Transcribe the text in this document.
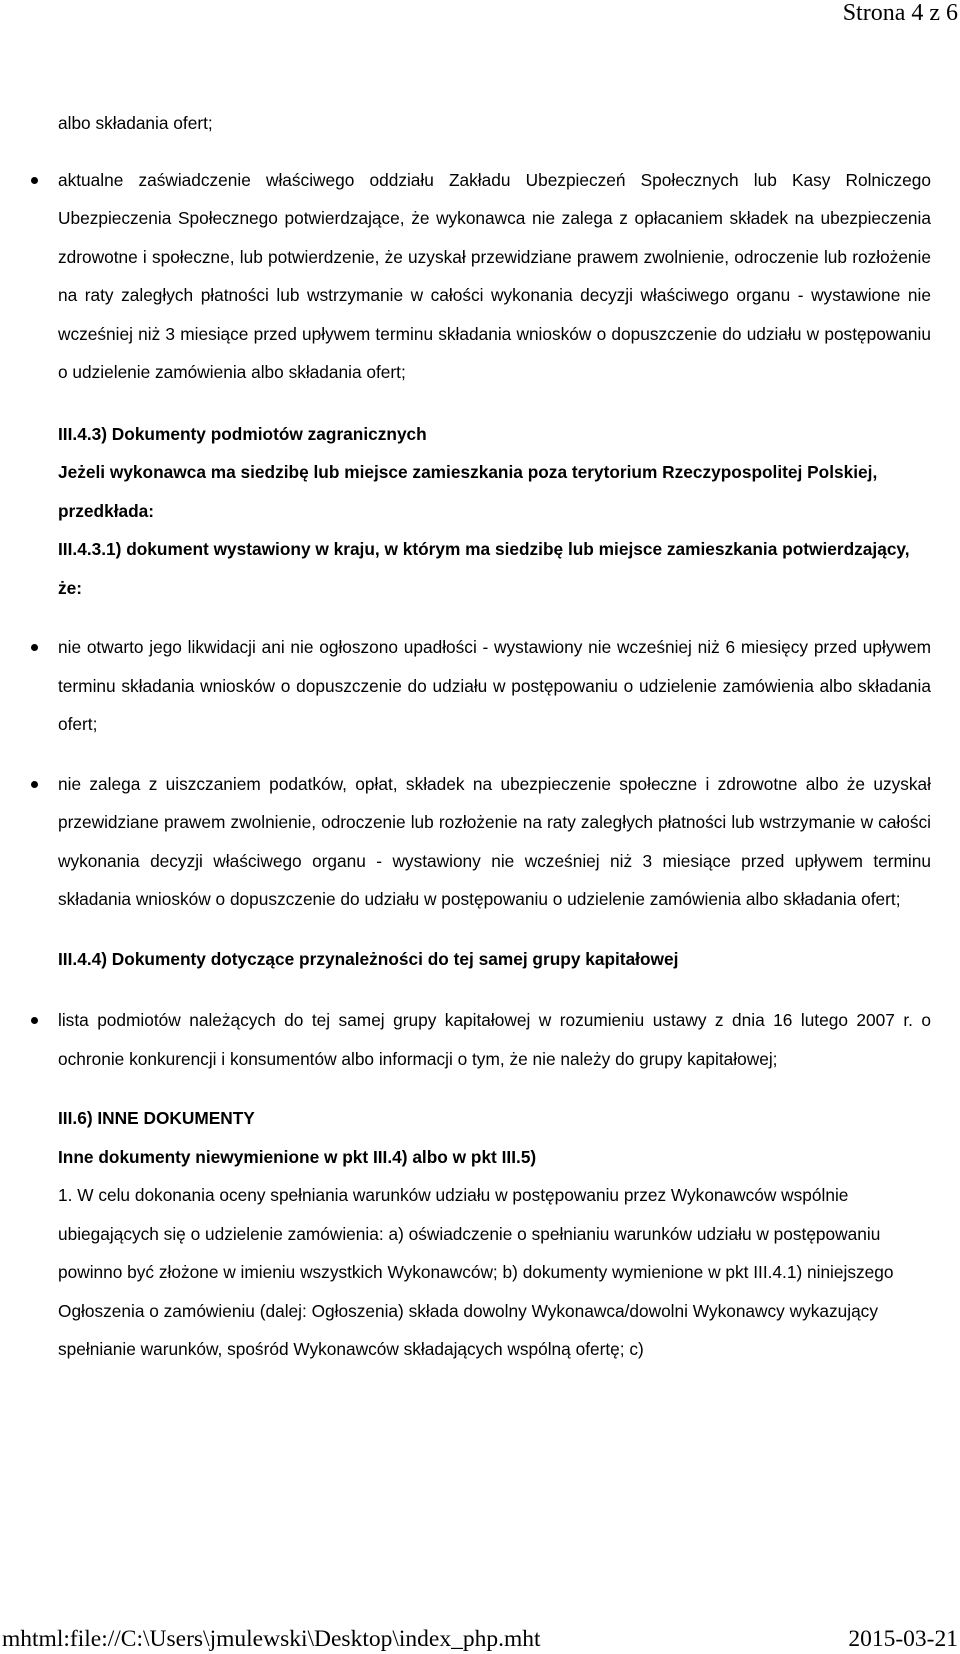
Strona 4 z 6

albo składania ofert;

aktualne zaświadczenie właściwego oddziału Zakładu Ubezpieczeń Społecznych lub Kasy Rolniczego Ubezpieczenia Społecznego potwierdzające, że wykonawca nie zalega z opłacaniem składek na ubezpieczenia zdrowotne i społeczne, lub potwierdzenie, że uzyskał przewidziane prawem zwolnienie, odroczenie lub rozłożenie na raty zaległych płatności lub wstrzymanie w całości wykonania decyzji właściwego organu - wystawione nie wcześniej niż 3 miesiące przed upływem terminu składania wniosków o dopuszczenie do udziału w postępowaniu o udzielenie zamówienia albo składania ofert;

III.4.3) Dokumenty podmiotów zagranicznych

Jeżeli wykonawca ma siedzibę lub miejsce zamieszkania poza terytorium Rzeczypospolitej Polskiej, przedkłada:

III.4.3.1) dokument wystawiony w kraju, w którym ma siedzibę lub miejsce zamieszkania potwierdzający, że:

nie otwarto jego likwidacji ani nie ogłoszono upadłości - wystawiony nie wcześniej niż 6 miesięcy przed upływem terminu składania wniosków o dopuszczenie do udziału w postępowaniu o udzielenie zamówienia albo składania ofert;
nie zalega z uiszczaniem podatków, opłat, składek na ubezpieczenie społeczne i zdrowotne albo że uzyskał przewidziane prawem zwolnienie, odroczenie lub rozłożenie na raty zaległych płatności lub wstrzymanie w całości wykonania decyzji właściwego organu - wystawiony nie wcześniej niż 3 miesiące przed upływem terminu składania wniosków o dopuszczenie do udziału w postępowaniu o udzielenie zamówienia albo składania ofert;

III.4.4) Dokumenty dotyczące przynależności do tej samej grupy kapitałowej

lista podmiotów należących do tej samej grupy kapitałowej w rozumieniu ustawy z dnia 16 lutego 2007 r. o ochronie konkurencji i konsumentów albo informacji o tym, że nie należy do grupy kapitałowej;

III.6) INNE DOKUMENTY

Inne dokumenty niewymienione w pkt III.4) albo w pkt III.5)

1. W celu dokonania oceny spełniania warunków udziału w postępowaniu przez Wykonawców wspólnie ubiegających się o udzielenie zamówienia: a) oświadczenie o spełnianiu warunków udziału w postępowaniu powinno być złożone w imieniu wszystkich Wykonawców; b) dokumenty wymienione w pkt III.4.1) niniejszego Ogłoszenia o zamówieniu (dalej: Ogłoszenia) składa dowolny Wykonawca/dowolni Wykonawcy wykazujący spełnianie warunków, spośród Wykonawców składających wspólną ofertę; c)

mhtml:file://C:\Users\jmulewski\Desktop\index_php.mht	2015-03-21
